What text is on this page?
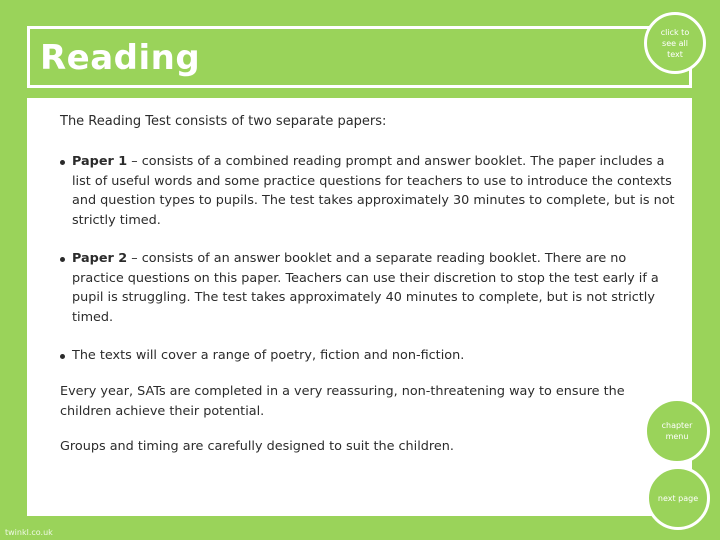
Reading
click to
see all
text

The Reading Test consists of two separate papers:

Paper 1 – consists of a combined reading prompt and answer booklet. The paper includes a list of useful words and some practice questions for teachers to use to introduce the contexts and question types to pupils. The test takes approximately 30 minutes to complete, but is not strictly timed.
Paper 2 – consists of an answer booklet and a separate reading booklet. There are no practice questions on this paper. Teachers can use their discretion to stop the test early if a pupil is struggling. The test takes approximately 40 minutes to complete, but is not strictly timed.
The texts will cover a range of poetry, fiction and non-fiction.

Every year, SATs are completed in a very reassuring, non-threatening way to ensure the children achieve their potential.

Groups and timing are carefully designed to suit the children.

chapter
menu
next page
twinkl.co.uk
